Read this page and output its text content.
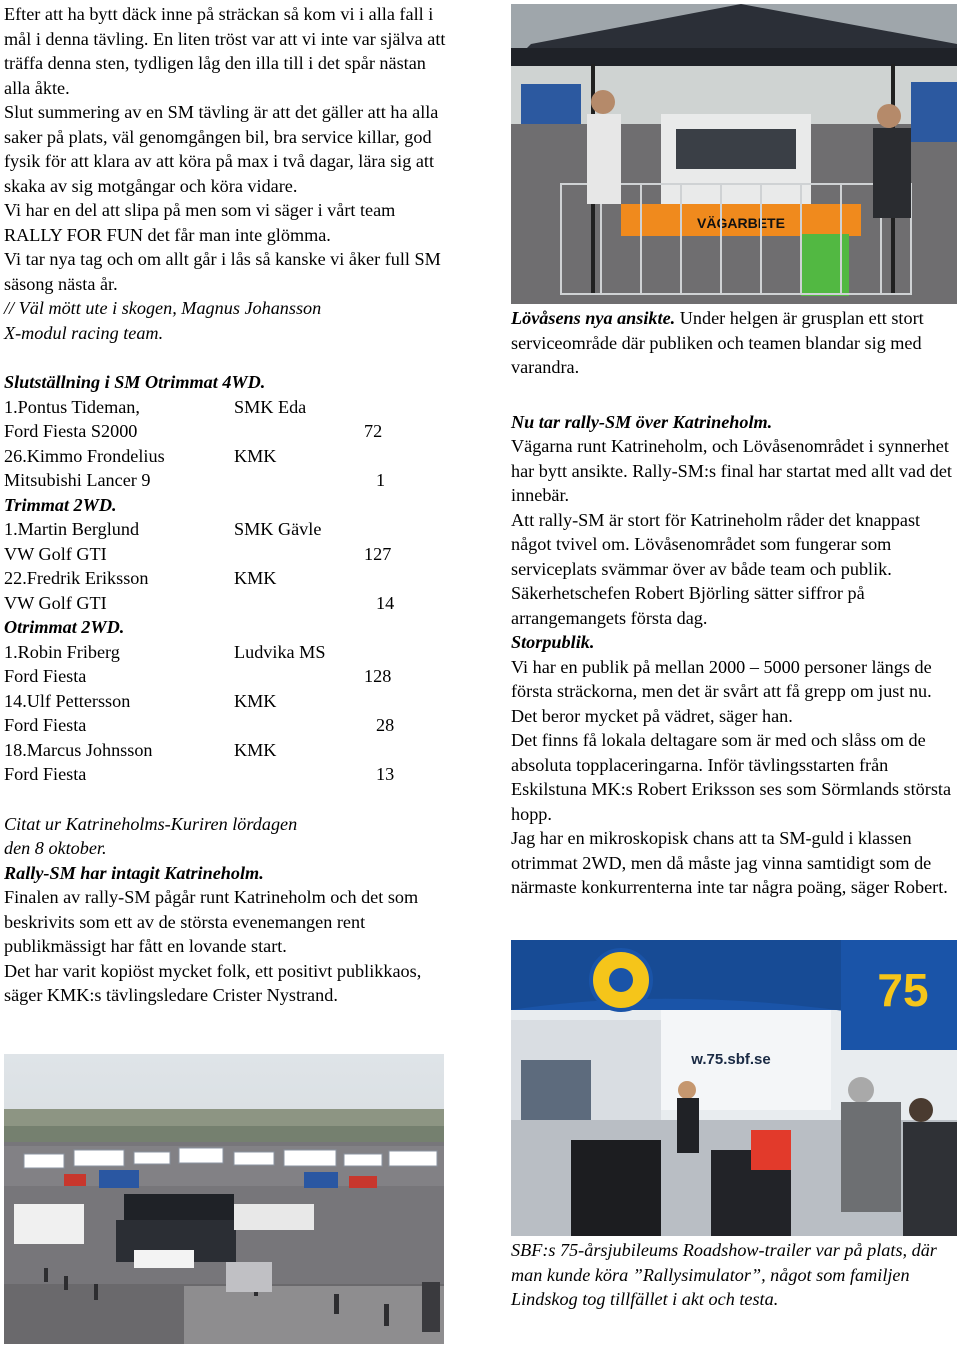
Efter att ha bytt däck inne på sträckan så kom vi i alla fall i mål i denna tävling. En liten tröst var att vi inte var själva att träffa denna sten, tydligen låg den illa till i det spår nästan alla åkte.

Slut summering av en SM tävling är att det gäller att ha alla saker på plats, väl genomgången bil, bra service killar, god fysik för att klara av att köra på max i två dagar, lära sig att skaka av sig motgångar och köra vidare.

Vi har en del att slipa på men som vi säger i vårt team RALLY FOR FUN det får man inte glömma.

Vi tar nya tag och om allt går i lås så kanske vi åker full SM säsong nästa år.

// Väl mött ute i skogen, Magnus Johansson

X-modul racing team.

Slutställning i SM Otrimmat 4WD.

1.Pontus Tideman,	SMK Eda
Ford Fiesta S2000	72
26.Kimmo Frondelius	KMK
Mitsubishi Lancer 9	1

Trimmat 2WD.

1.Martin Berglund	SMK Gävle
VW Golf GTI	127
22.Fredrik Eriksson	KMK
VW Golf GTI	14

Otrimmat 2WD.

1.Robin Friberg	Ludvika MS
Ford Fiesta	128
14.Ulf Pettersson	KMK
Ford Fiesta	28
18.Marcus Johnsson	KMK
Ford Fiesta	13

Citat ur Katrineholms-Kuriren lördagen

den 8 oktober.

Rally-SM har intagit Katrineholm.

Finalen av rally-SM pågår runt Katrineholm och det som beskrivits som ett av de största evenemangen rent publikmässigt har fått en lovande start.

Det har varit kopiöst mycket folk, ett positivt publikkaos, säger KMK:s tävlingsledare Crister Nystrand.

VÄGARBETE

Lövåsens nya ansikte. Under helgen är grusplan ett stort serviceområde där publiken och teamen blandar sig med varandra.

Nu tar rally-SM över Katrineholm.

Vägarna runt Katrineholm, och Lövåsenområdet i synnerhet har bytt ansikte. Rally-SM:s final har startat med allt vad det innebär.

Att rally-SM är stort för Katrineholm råder det knappast något tvivel om. Lövåsenområdet som fungerar som serviceplats svämmar över av både team och publik. Säkerhetschefen Robert Björling sätter siffror på arrangemangets första dag.

Storpublik.

Vi har en publik på mellan 2000 – 5000 personer längs de första sträckorna, men det är svårt att få grepp om just nu. Det beror mycket på vädret, säger han.

Det finns få lokala deltagare som är med och slåss om de absoluta topplaceringarna. Inför tävlingsstarten från Eskilstuna MK:s Robert Eriksson ses som Sörmlands största hopp.

Jag har en mikroskopisk chans att ta SM-guld i klassen otrimmat 2WD, men då måste jag vinna samtidigt som de närmaste konkurrenterna inte tar några poäng, säger Robert.

75
w.75.sbf.se

SBF:s 75-årsjubileums Roadshow-trailer var på plats, där man kunde köra ”Rallysimulator”, något som familjen Lindskog tog tillfället i akt och testa.
